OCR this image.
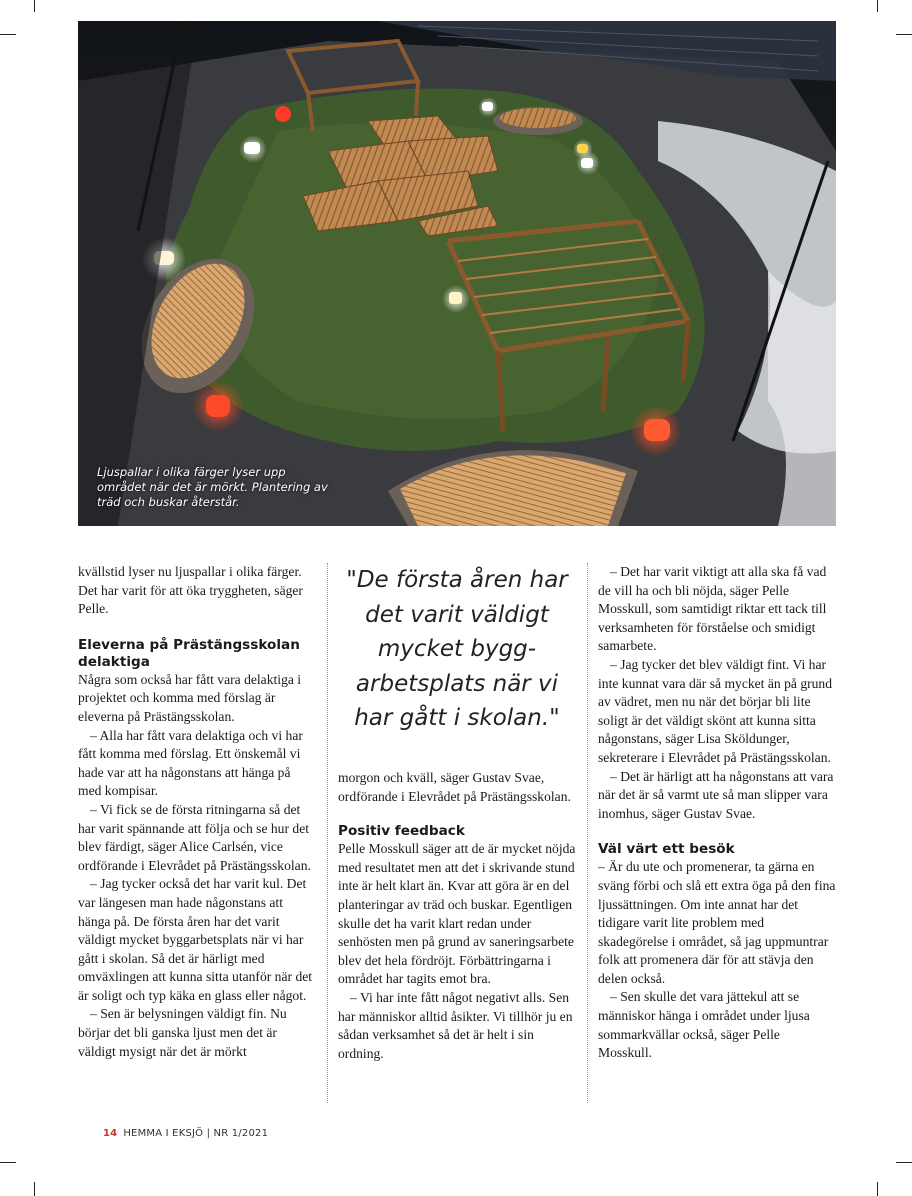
Ljuspallar i olika färger lyser upp området när det är mörkt. Plantering av träd och buskar återstår.

kvällstid lyser nu ljuspallar i olika färger. Det har varit för att öka tryggheten, säger Pelle.

Eleverna på Prästängsskolan delaktiga

Några som också har fått vara delaktiga i projektet och komma med förslag är eleverna på Prästängsskolan.

– Alla har fått vara delaktiga och vi har fått komma med förslag. Ett önskemål vi hade var att ha någonstans att hänga på med kompisar.

– Vi fick se de första ritningarna så det har varit spännande att följa och se hur det blev färdigt, säger Alice Carlsén, vice ordförande i Elevrådet på Prästängsskolan.

– Jag tycker också det har varit kul. Det var längesen man hade någonstans att hänga på. De första åren har det varit väldigt mycket byggarbetsplats när vi har gått i skolan. Så det är härligt med omväxlingen att kunna sitta utanför när det är soligt och typ käka en glass eller något.

– Sen är belysningen väldigt fin. Nu börjar det bli ganska ljust men det är väldigt mysigt när det är mörkt

"De första åren har det varit väldigt mycket byggarbetsplats när vi har gått i skolan."

morgon och kväll, säger Gustav Svae, ordförande i Elevrådet på Prästängsskolan.

Positiv feedback

Pelle Mosskull säger att de är mycket nöjda med resultatet men att det i skrivande stund inte är helt klart än. Kvar att göra är en del planteringar av träd och buskar. Egentligen skulle det ha varit klart redan under senhösten men på grund av saneringsarbete blev det hela fördröjt. Förbättringarna i området har tagits emot bra.

– Vi har inte fått något negativt alls. Sen har människor alltid åsikter. Vi tillhör ju en sådan verksamhet så det är helt i sin ordning.

– Det har varit viktigt att alla ska få vad de vill ha och bli nöjda, säger Pelle Mosskull, som samtidigt riktar ett tack till verksamheten för förståelse och smidigt samarbete.

– Jag tycker det blev väldigt fint. Vi har inte kunnat vara där så mycket än på grund av vädret, men nu när det börjar bli lite soligt är det väldigt skönt att kunna sitta någonstans, säger Lisa Sköldunger, sekreterare i Elevrådet på Prästängsskolan.

– Det är härligt att ha någonstans att vara när det är så varmt ute så man slipper vara inomhus, säger Gustav Svae.

Väl värt ett besök

– Är du ute och promenerar, ta gärna en sväng förbi och slå ett extra öga på den fina ljussättningen. Om inte annat har det tidigare varit lite problem med skadegörelse i området, så jag uppmuntrar folk att promenera där för att stävja den delen också.

– Sen skulle det vara jättekul att se människor hänga i området under ljusa sommarkvällar också, säger Pelle Mosskull.

14 HEMMA I EKSJÖ | NR 1/2021
